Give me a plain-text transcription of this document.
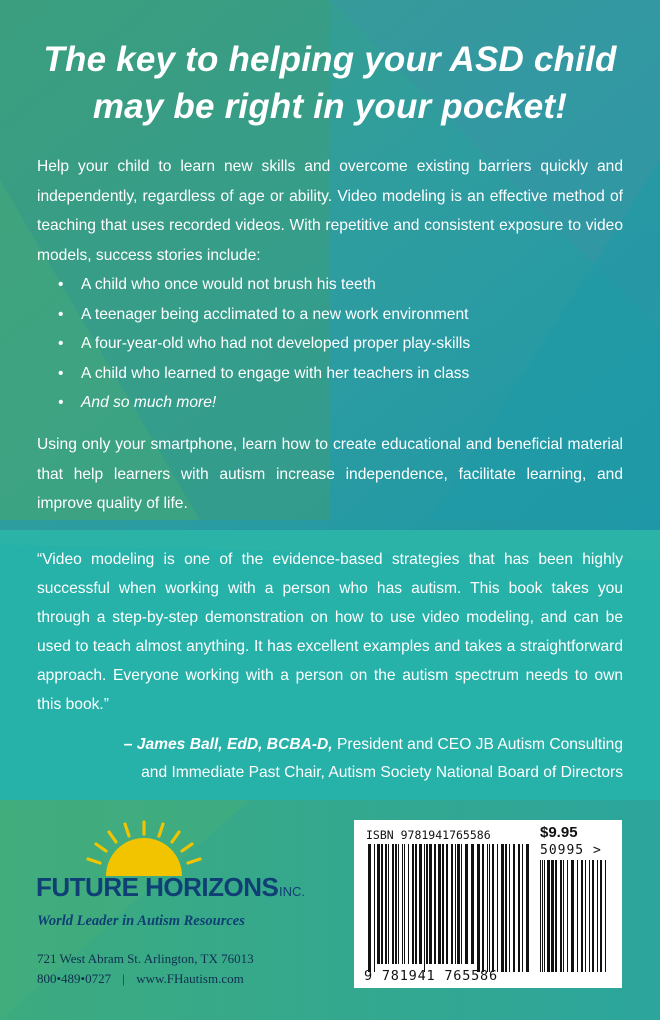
The key to helping your ASD child
may be right in your pocket!
Help your child to learn new skills and overcome existing barriers quickly and independently, regardless of age or ability. Video modeling is an effective method of teaching that uses recorded videos. With repetitive and consistent exposure to video models, success stories include:
• A child who once would not brush his teeth
• A teenager being acclimated to a new work environment
• A four-year-old who had not developed proper play-skills
• A child who learned to engage with her teachers in class
• And so much more!
Using only your smartphone, learn how to create educational and beneficial material that help learners with autism increase independence, facilitate learning, and improve quality of life.
“Video modeling is one of the evidence-based strategies that has been highly successful when working with a person who has autism. This book takes you through a step-by-step demonstration on how to use video modeling, and can be used to teach almost anything. It has excellent examples and takes a straightforward approach. Everyone working with a person on the autism spectrum needs to own this book.”
– James Ball, EdD, BCBA-D, President and CEO JB Autism Consulting
and Immediate Past Chair, Autism Society National Board of Directors
FUTURE HORIZONS INC.
World Leader in Autism Resources
721 West Abram St. Arlington, TX 76013
800•489•0727 | www.FHautism.com
ISBN 9781941765586	$9.95
50995 >
9 781941 765586
